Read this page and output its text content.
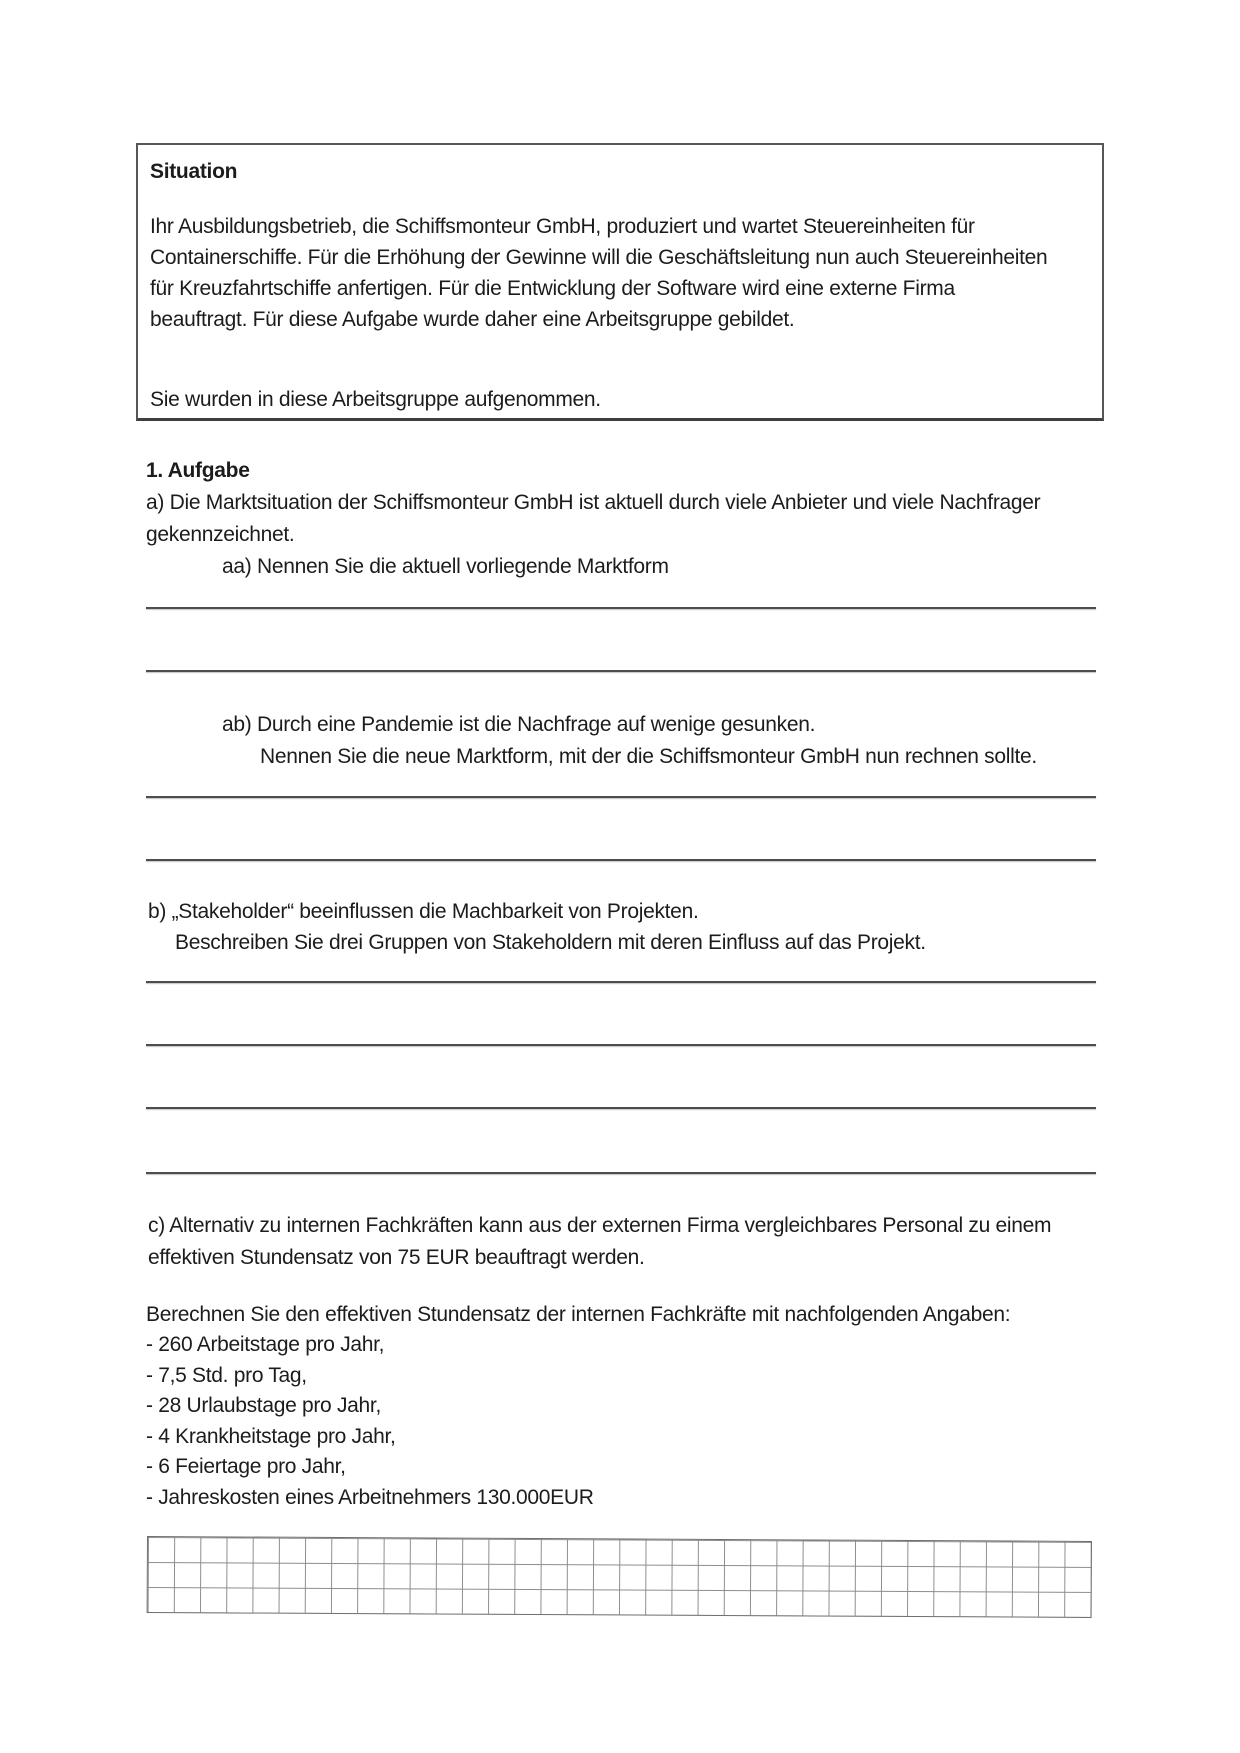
Situation
Ihr Ausbildungsbetrieb, die Schiffsmonteur GmbH, produziert und wartet Steuereinheiten für
Containerschiffe. Für die Erhöhung der Gewinne will die Geschäftsleitung nun auch Steuereinheiten
für Kreuzfahrtschiffe anfertigen. Für die Entwicklung der Software wird eine externe Firma
beauftragt. Für diese Aufgabe wurde daher eine Arbeitsgruppe gebildet.
Sie wurden in diese Arbeitsgruppe aufgenommen.
1. Aufgabe
a) Die Marktsituation der Schiffsmonteur GmbH ist aktuell durch viele Anbieter und viele Nachfrager
gekennzeichnet.
aa) Nennen Sie die aktuell vorliegende Marktform
ab) Durch eine Pandemie ist die Nachfrage auf wenige gesunken.
Nennen Sie die neue Marktform, mit der die Schiffsmonteur GmbH nun rechnen sollte.
b) „Stakeholder“ beeinflussen die Machbarkeit von Projekten.
Beschreiben Sie drei Gruppen von Stakeholdern mit deren Einfluss auf das Projekt.
c) Alternativ zu internen Fachkräften kann aus der externen Firma vergleichbares Personal zu einem
effektiven Stundensatz von 75 EUR beauftragt werden.
Berechnen Sie den effektiven Stundensatz der internen Fachkräfte mit nachfolgenden Angaben:
- 260 Arbeitstage pro Jahr,
- 7,5 Std. pro Tag,
- 28 Urlaubstage pro Jahr,
- 4 Krankheitstage pro Jahr,
- 6 Feiertage pro Jahr,
- Jahreskosten eines Arbeitnehmers 130.000EUR
